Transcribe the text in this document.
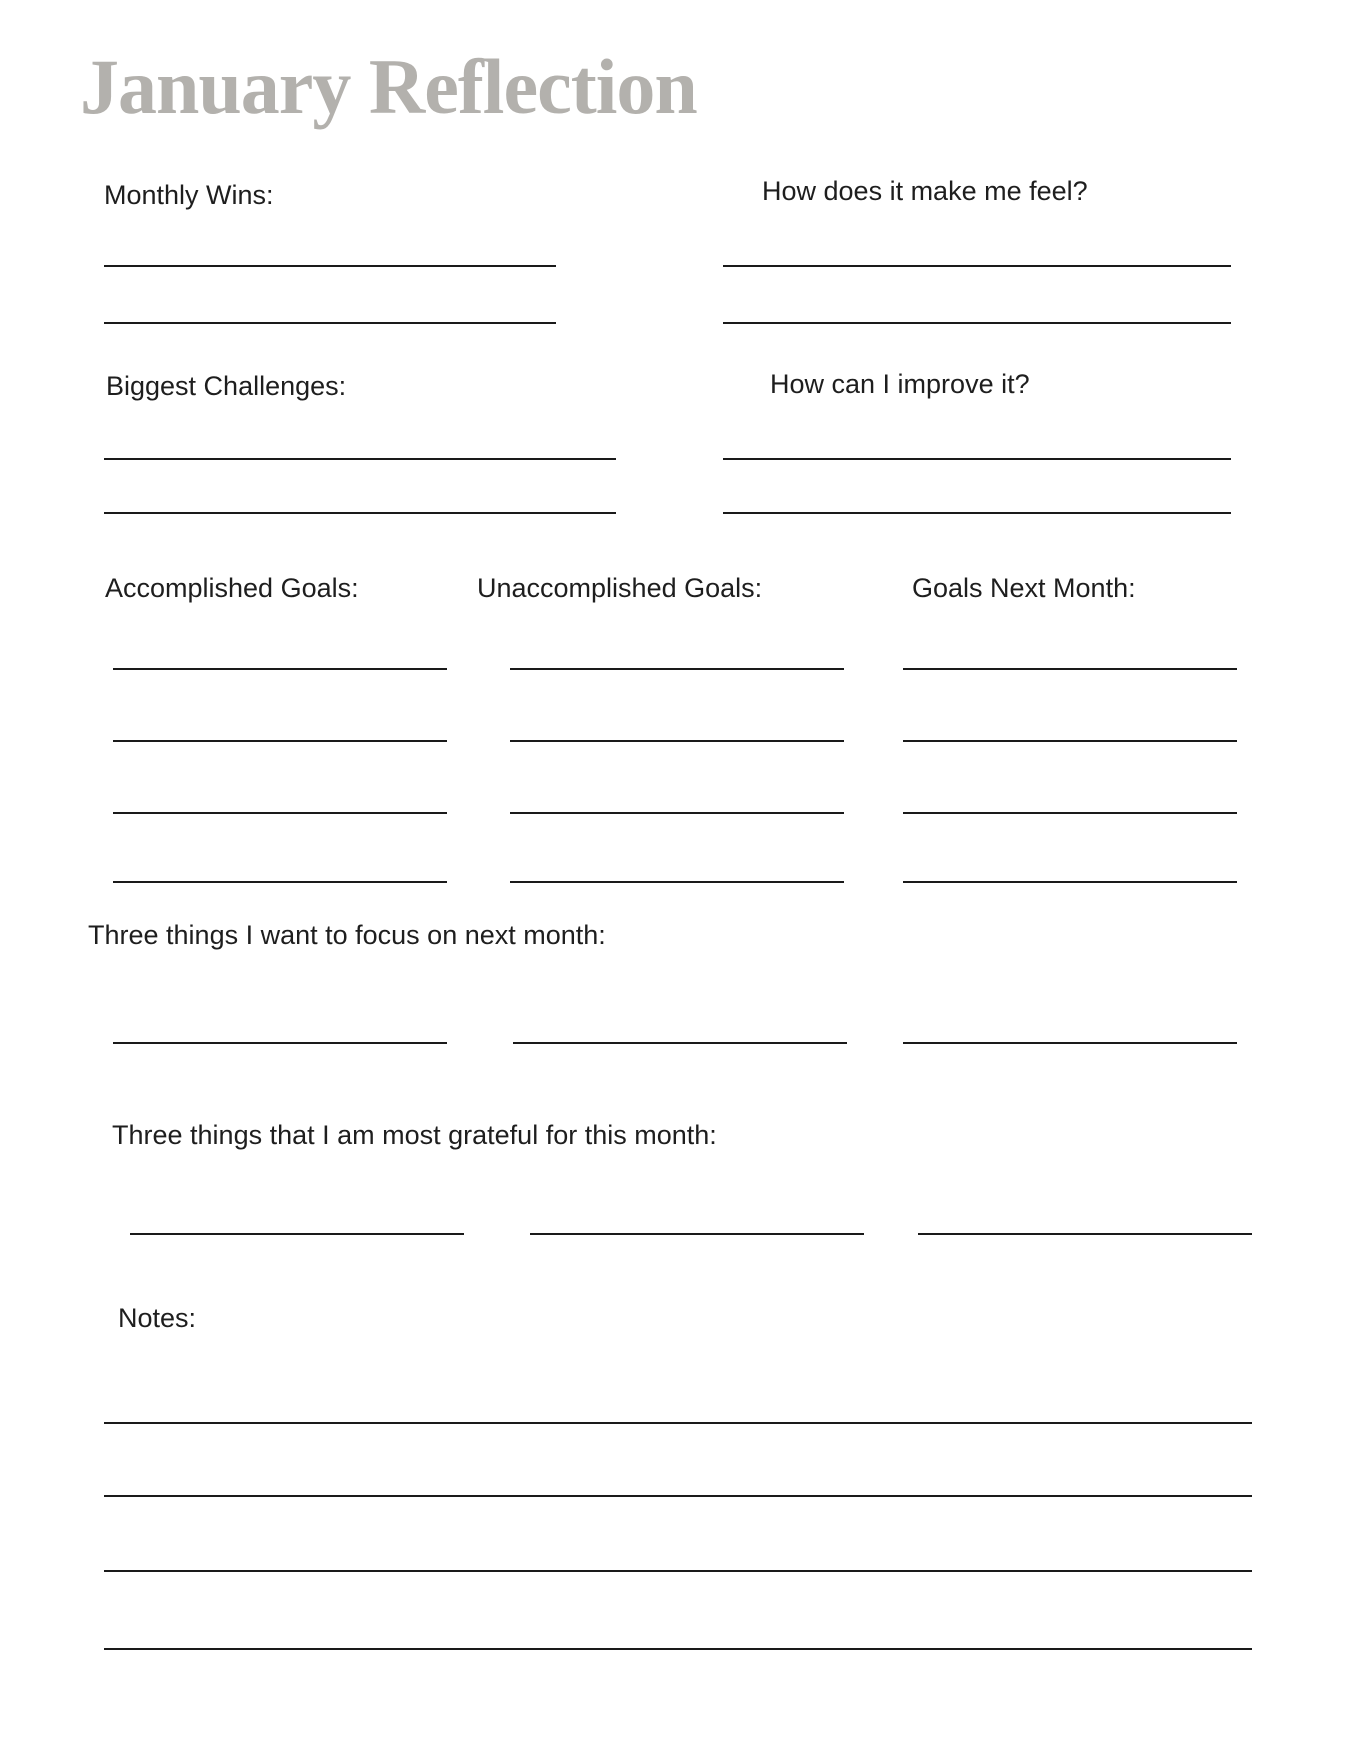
January Reflection
Monthly Wins:	How does it make me feel?
Biggest Challenges:	How can I improve it?
Accomplished Goals:	Unaccomplished Goals:	Goals Next Month:
Three things I want to focus on next month:
Three things that I am most grateful for this month:
Notes:
